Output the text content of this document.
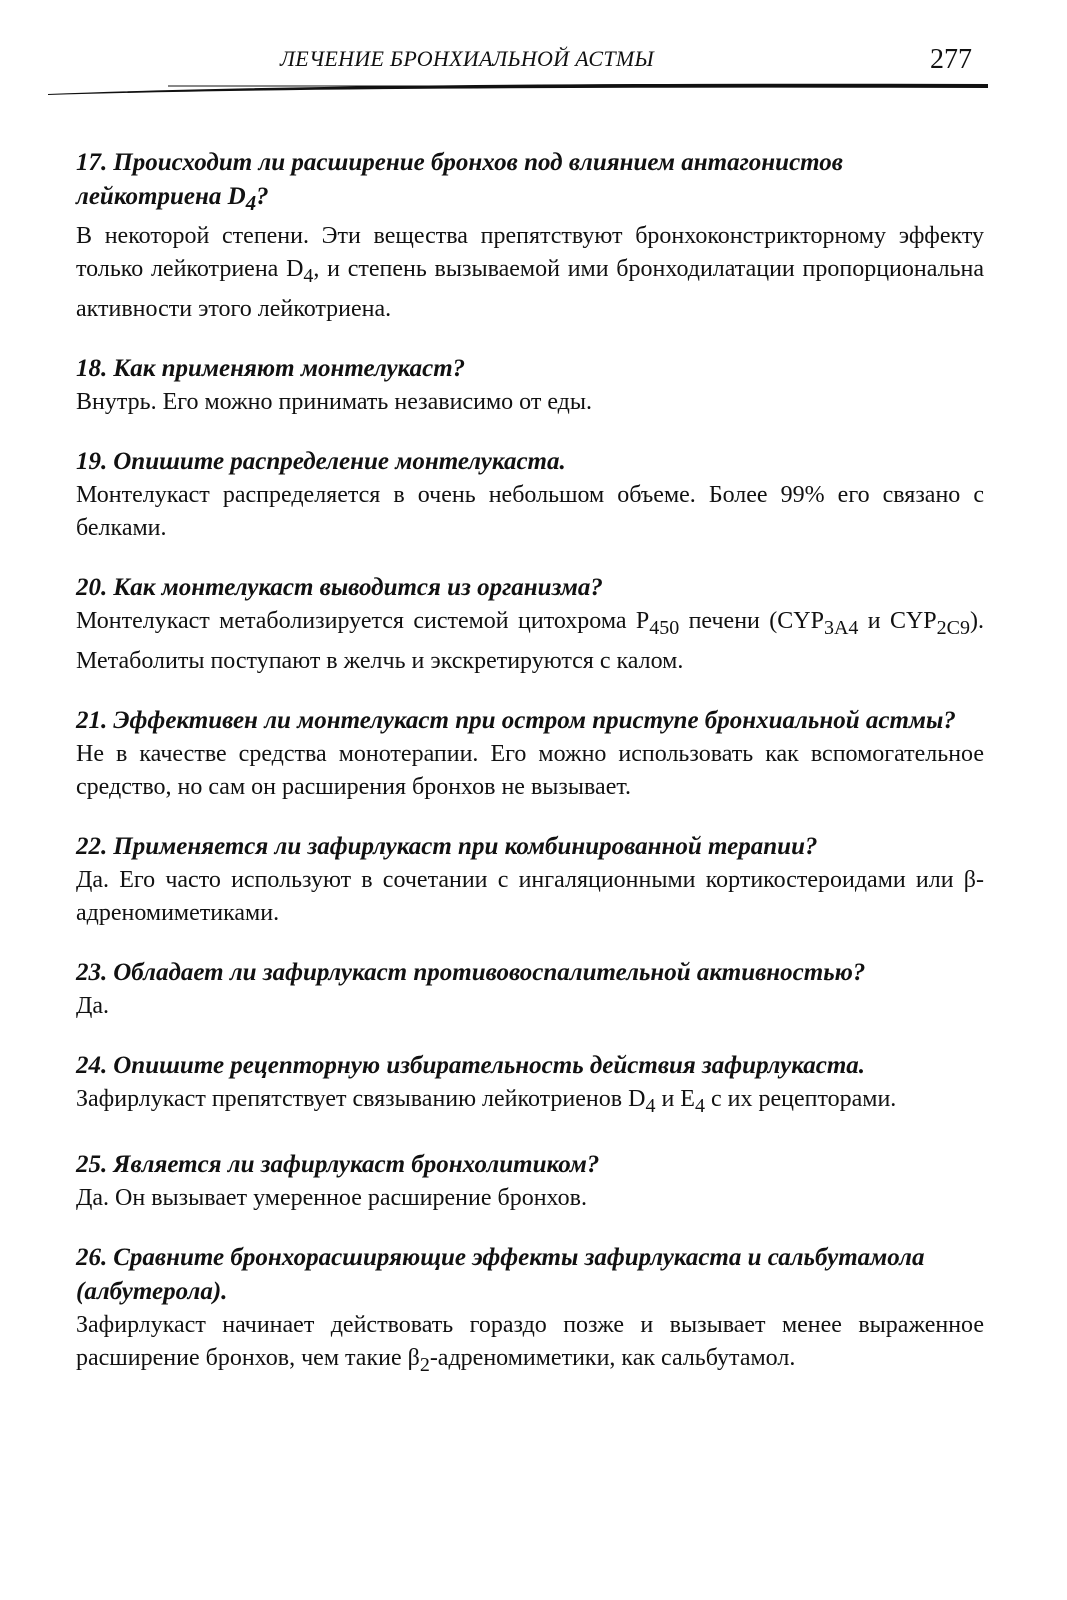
ЛЕЧЕНИЕ БРОНХИАЛЬНОЙ АСТМЫ	277
17. Происходит ли расширение бронхов под влиянием антагонистов лейкотриена $D_4$?
В некоторой степени. Эти вещества препятствуют бронхоконстрикторному эффекту только лейкотриена $D_4$, и степень вызываемой ими бронходилатации пропорциональна активности этого лейкотриена.
18. Как применяют монтелукаст?
Внутрь. Его можно принимать независимо от еды.
19. Опишите распределение монтелукаста.
Монтелукаст распределяется в очень небольшом объеме. Более 99% его связано с белками.
20. Как монтелукаст выводится из организма?
Монтелукаст метаболизируется системой цитохрома $P_{450}$ печени ($CYP_{3A4}$ и $CYP_{2C9}$). Метаболиты поступают в желчь и экскретируются с калом.
21. Эффективен ли монтелукаст при остром приступе бронхиальной астмы?
Не в качестве средства монотерапии. Его можно использовать как вспомогательное средство, но сам он расширения бронхов не вызывает.
22. Применяется ли зафирлукаст при комбинированной терапии?
Да. Его часто используют в сочетании с ингаляционными кортикостероидами или β-адреномиметиками.
23. Обладает ли зафирлукаст противовоспалительной активностью?
Да.
24. Опишите рецепторную избирательность действия зафирлукаста.
Зафирлукаст препятствует связыванию лейкотриенов $D_4$ и $E_4$ с их рецепторами.
25. Является ли зафирлукаст бронхолитиком?
Да. Он вызывает умеренное расширение бронхов.
26. Сравните бронхорасширяющие эффекты зафирлукаста и сальбутамола (албутерола).
Зафирлукаст начинает действовать гораздо позже и вызывает менее выраженное расширение бронхов, чем такие $\beta_2$-адреномиметики, как сальбутамол.
